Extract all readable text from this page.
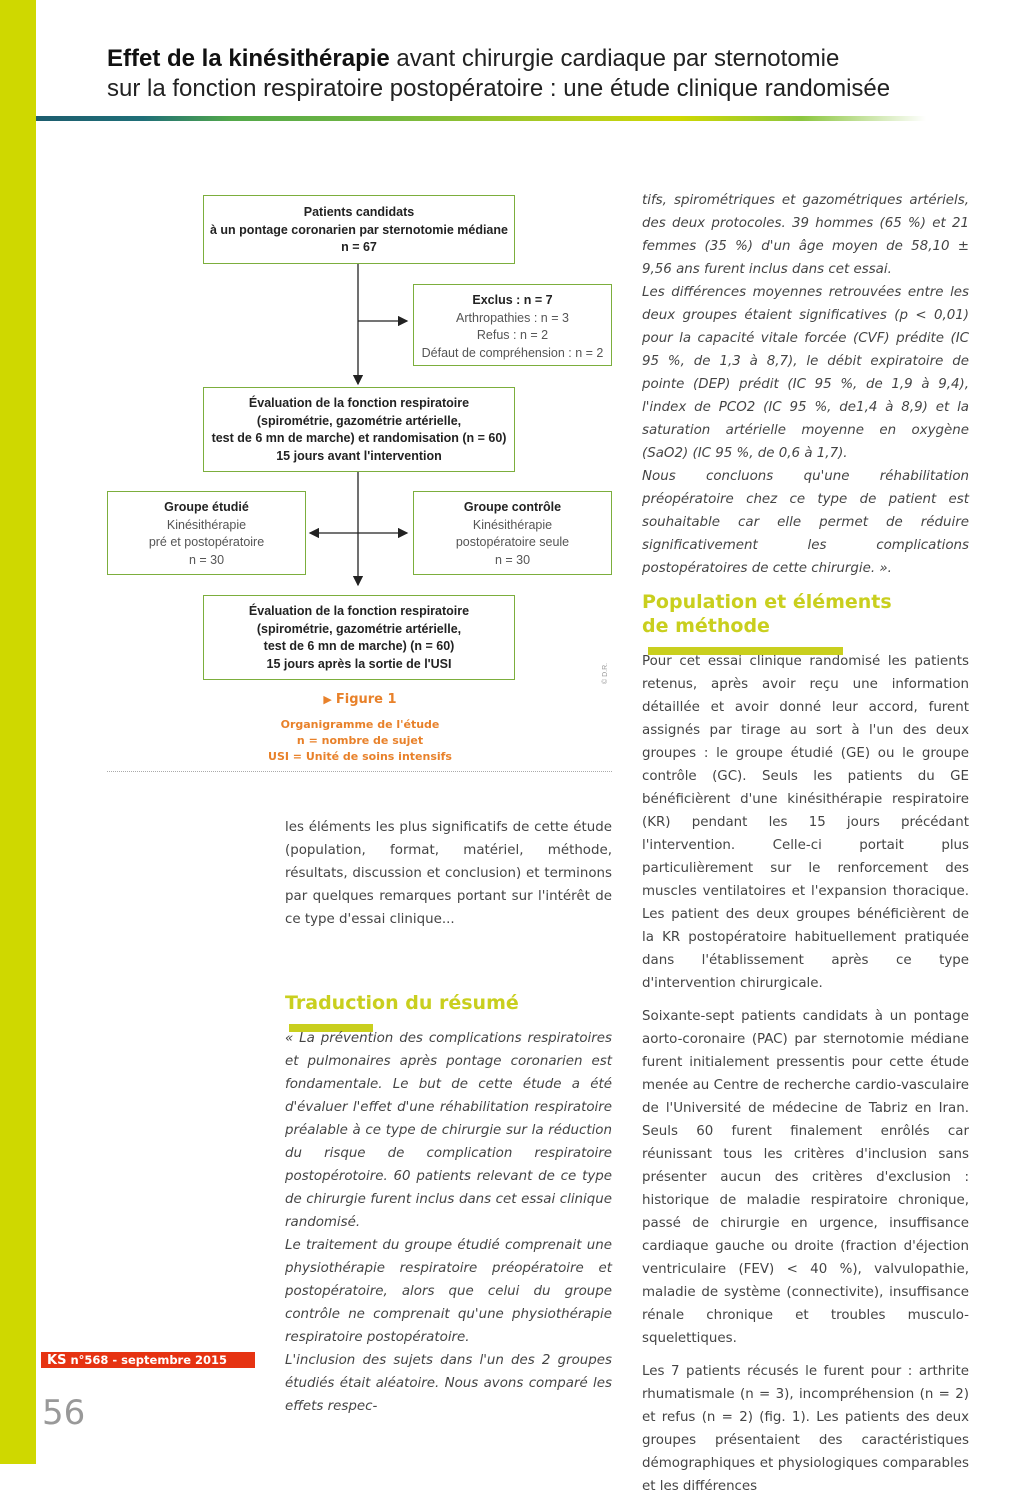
Effet de la kinésithérapie avant chirurgie cardiaque par sternotomie
sur la fonction respiratoire postopératoire : une étude clinique randomisée
Patients candidats
à un pontage coronarien par sternotomie médiane
n = 67
Exclus : n = 7
Arthropathies : n = 3
Refus : n = 2
Défaut de compréhension : n = 2
Évaluation de la fonction respiratoire
(spirométrie, gazométrie artérielle,
test de 6 mn de marche) et randomisation (n = 60)
15 jours avant l'intervention
Groupe étudié
Kinésithérapie
pré et postopératoire
n = 30
Groupe contrôle
Kinésithérapie
postopératoire seule
n = 30
Évaluation de la fonction respiratoire
(spirométrie, gazométrie artérielle,
test de 6 mn de marche) (n = 60)
15 jours après la sortie de l'USI	© D.R.
▶ Figure 1
Organigramme de l'étude
n = nombre de sujet
USI = Unité de soins intensifs

les éléments les plus significatifs de cette étude (population, format, matériel, méthode, résultats, discussion et conclusion) et terminons par quelques remarques portant sur l'intérêt de ce type d'essai clinique...

Traduction du résumé

« La prévention des complications respiratoires et pulmonaires après pontage coronarien est fondamentale. Le but de cette étude a été d'évaluer l'effet d'une réhabilitation respiratoire préalable à ce type de chirurgie sur la réduction du risque de complication respiratoire postopérotoire. 60 patients relevant de ce type de chirurgie furent inclus dans cet essai clinique randomisé.

Le traitement du groupe étudié comprenait une physiothérapie respiratoire préopératoire et postopératoire, alors que celui du groupe contrôle ne comprenait qu'une physiothérapie respiratoire postopératoire.

L'inclusion des sujets dans l'un des 2 groupes étudiés était aléatoire. Nous avons comparé les effets respec-

tifs, spirométriques et gazométriques artériels, des deux protocoles. 39 hommes (65 %) et 21 femmes (35 %) d'un âge moyen de 58,10 ± 9,56 ans furent inclus dans cet essai.

Les différences moyennes retrouvées entre les deux groupes étaient significatives (p < 0,01) pour la capacité vitale forcée (CVF) prédite (IC 95 %, de 1,3 à 8,7), le débit expiratoire de pointe (DEP) prédit (IC 95 %, de 1,9 à 9,4), l'index de PCO2 (IC 95 %, de1,4 à 8,9) et la saturation artérielle moyenne en oxygène (SaO2) (IC 95 %, de 0,6 à 1,7).

Nous concluons qu'une réhabilitation préopératoire chez ce type de patient est souhaitable car elle permet de réduire significativement les complications postopératoires de cette chirurgie. ».

Population et éléments
de méthode

Pour cet essai clinique randomisé les patients retenus, après avoir reçu une information détaillée et avoir donné leur accord, furent assignés par tirage au sort à l'un des deux groupes : le groupe étudié (GE) ou le groupe contrôle (GC). Seuls les patients du GE bénéficièrent d'une kinésithérapie respiratoire (KR) pendant les 15 jours précédant l'intervention. Celle-ci portait plus particulièrement sur le renforcement des muscles ventilatoires et l'expansion thoracique. Les patient des deux groupes bénéficièrent de la KR postopératoire habituellement pratiquée dans l'établissement après ce type d'intervention chirurgicale.

Soixante-sept patients candidats à un pontage aorto-coronaire (PAC) par sternotomie médiane furent initialement pressentis pour cette étude menée au Centre de recherche cardio-vasculaire de l'Université de médecine de Tabriz en Iran. Seuls 60 furent finalement enrôlés car réunissant tous les critères d'inclusion sans présenter aucun des critères d'exclusion : historique de maladie respiratoire chronique, passé de chirurgie en urgence, insuffisance cardiaque gauche ou droite (fraction d'éjection ventriculaire (FEV) < 40 %), valvulopathie, maladie de système (connectivite), insuffisance rénale chronique et troubles musculo-squelettiques.

Les 7 patients récusés le furent pour : arthrite rhumatismale (n = 3), incompréhension (n = 2) et refus (n = 2) (fig. 1). Les patients des deux groupes présentaient des caractéristiques démographiques et physiologiques comparables et les différences

KS n°568 - septembre 2015
56
